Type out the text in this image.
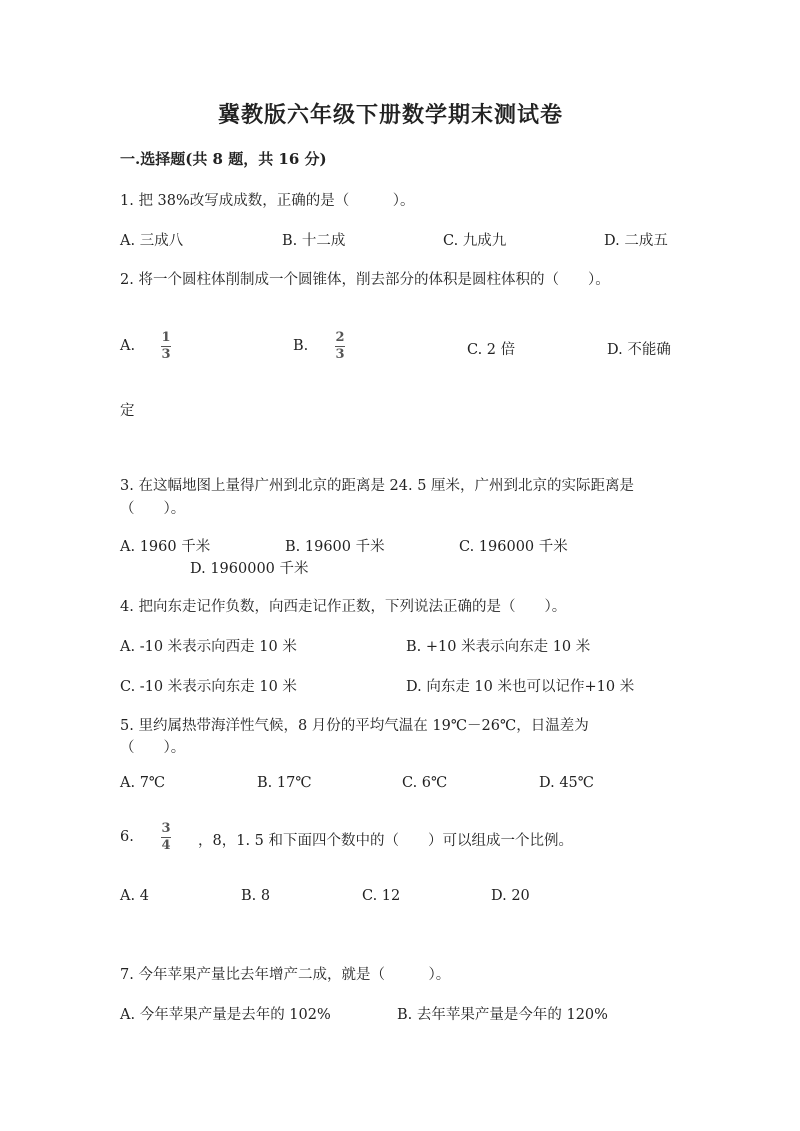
冀教版六年级下册数学期末测试卷
一.选择题(共 8 题，共 16 分)
1. 把 38%改写成成数，正确的是（　　　）。
A. 三成八	B. 十二成	C. 九成九	D. 二成五
2. 将一个圆柱体削制成一个圆锥体，削去部分的体积是圆柱体积的（　　）。
A.
1
3
B.
2
3	C. 2 倍	D. 不能确
定
3. 在这幅地图上量得广州到北京的距离是 24. 5 厘米，广州到北京的实际距离是
（　　）。
A. 1960 千米	B. 19600 千米	C. 196000 千米
D. 1960000 千米
4. 把向东走记作负数，向西走记作正数，下列说法正确的是（　　）。
A. -10 米表示向西走 10 米	B. +10 米表示向东走 10 米
C. -10 米表示向东走 10 米	D. 向东走 10 米也可以记作+10 米
5. 里约属热带海洋性气候，8 月份的平均气温在 19℃－26℃，日温差为
（　　）。
A. 7℃	B. 17℃	C. 6℃	D. 45℃
6.
3
4 ，8，1. 5 和下面四个数中的（　　）可以组成一个比例。
A. 4	B. 8	C. 12	D. 20
7. 今年苹果产量比去年增产二成，就是（　　　）。
A. 今年苹果产量是去年的 102%	B. 去年苹果产量是今年的 120%
